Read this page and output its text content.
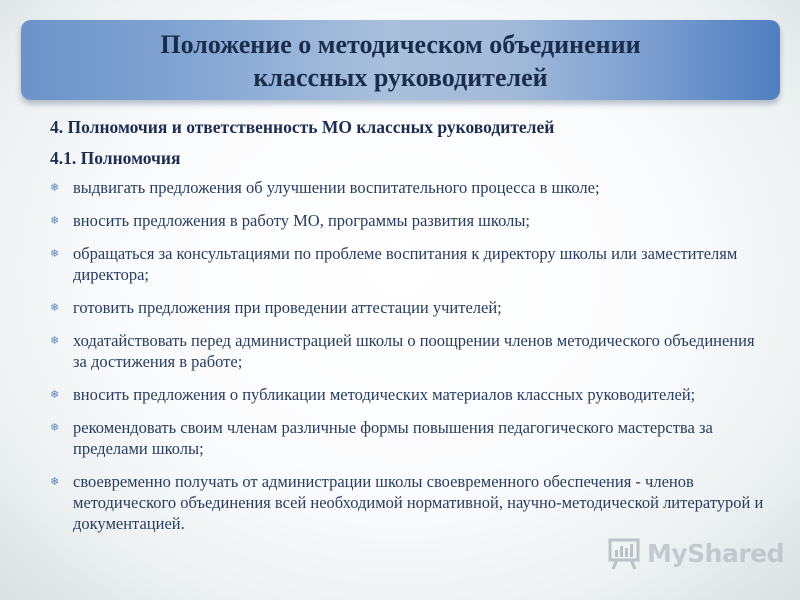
Положение о методическом объединении
классных руководителей

4. Полномочия и ответственность МО классных руководителей

4.1. Полномочия

❄ выдвигать предложения об улучшении воспитательного процесса в школе;
❄ вносить предложения в работу МО, программы развития школы;
❄ обращаться за консультациями по проблеме воспитания к директору школы или заместителям директора;
❄ готовить предложения при проведении аттестации учителей;
❄ ходатайствовать перед администрацией школы о поощрении членов методического объединения за достижения в работе;
❄ вносить предложения о публикации методических материалов классных руководителей;
❄ рекомендовать своим членам различные формы повышения педагогического мастерства за пределами школы;
❄ своевременно получать от администрации школы своевременного обеспечения - членов методического объединения всей необходимой нормативной, научно-методической литературой и документацией.
MyShared
